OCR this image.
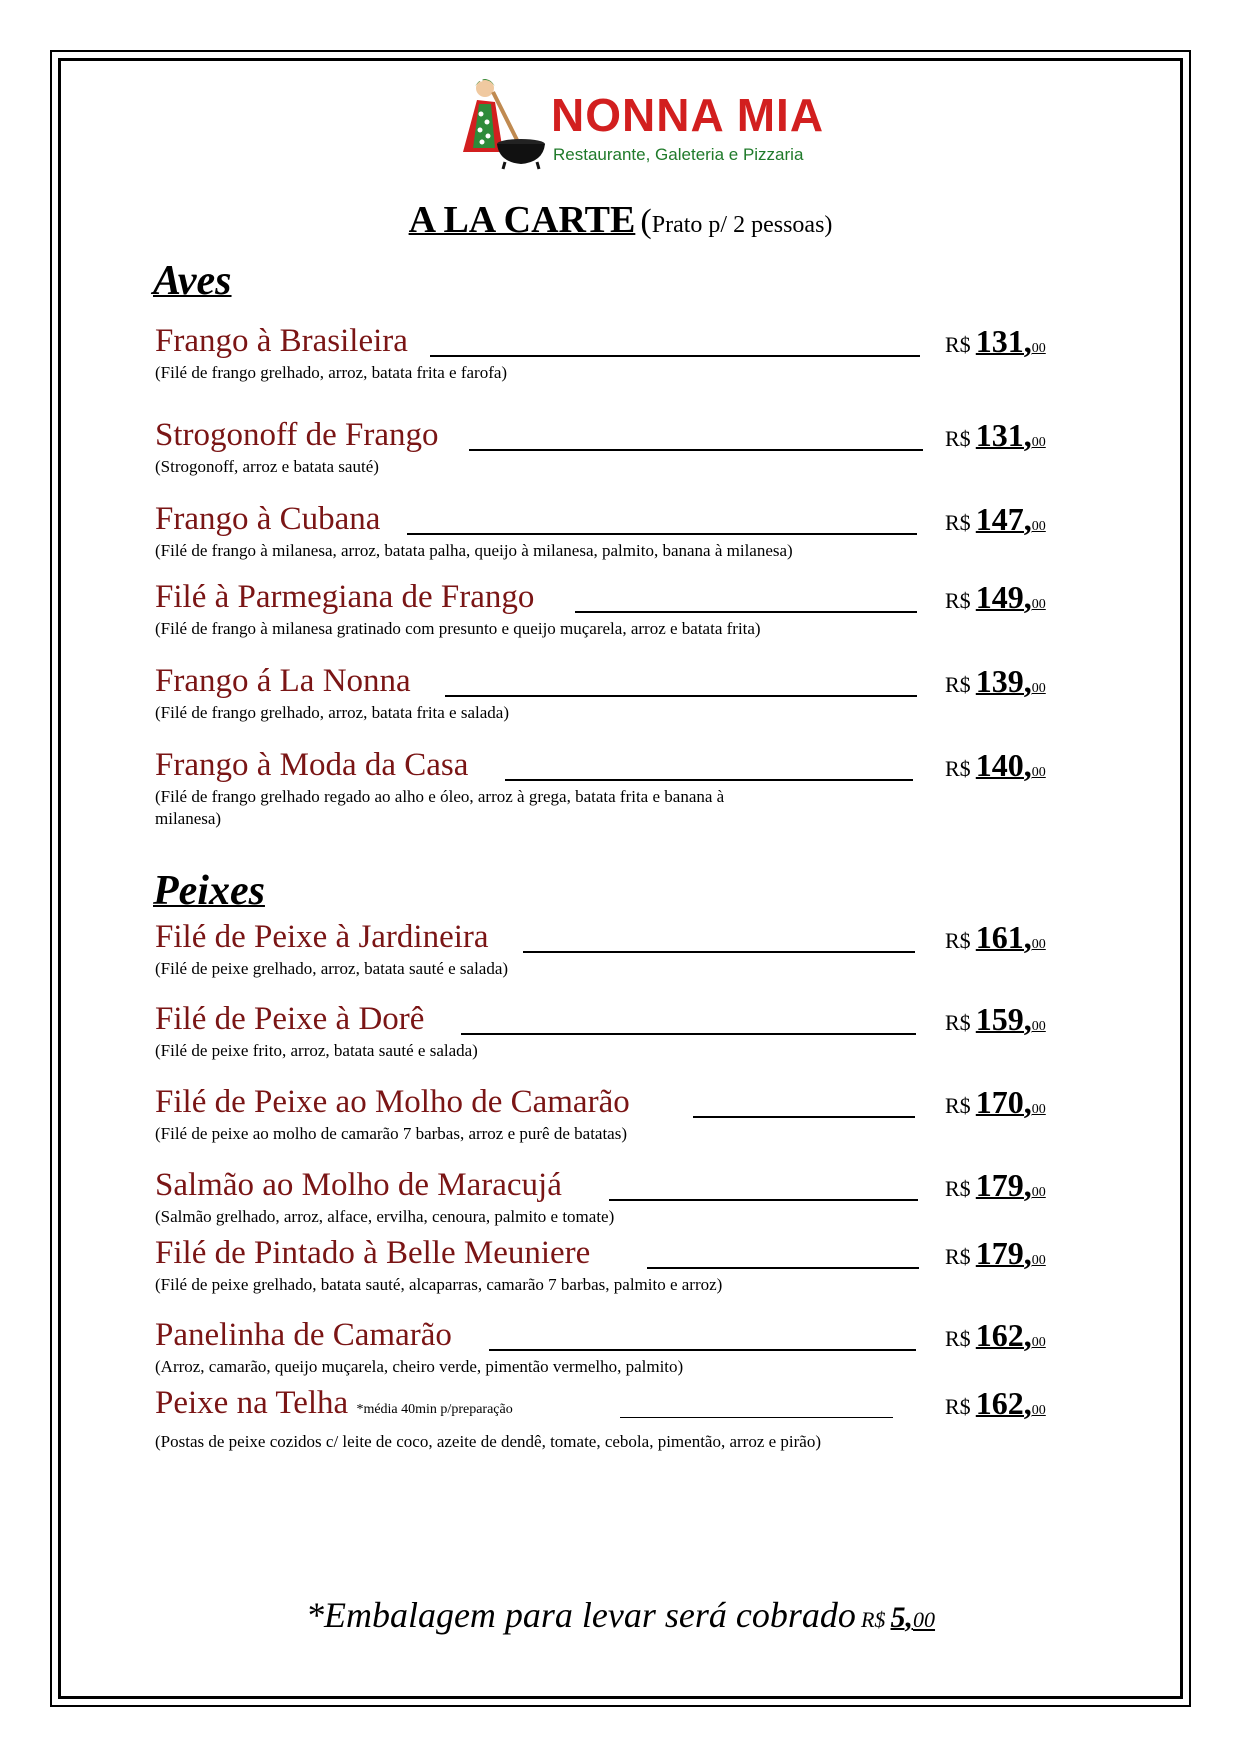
NONNA MIA
Restaurante, Galeteria e Pizzaria
A LA CARTE (Prato p/ 2 pessoas)
Aves
Frango à Brasileira	R$ 131,00
(Filé de frango grelhado, arroz, batata frita e farofa)
Strogonoff de Frango	R$ 131,00
(Strogonoff, arroz e batata sauté)
Frango à Cubana	R$ 147,00
(Filé de frango à milanesa, arroz, batata palha, queijo à milanesa, palmito, banana à milanesa)
Filé à Parmegiana de Frango	R$ 149,00
(Filé de frango à milanesa gratinado com presunto e queijo muçarela, arroz e batata frita)
Frango á La Nonna	R$ 139,00
(Filé de frango grelhado, arroz, batata frita e salada)
Frango à Moda da Casa	R$ 140,00
(Filé de frango grelhado regado ao alho e óleo, arroz à grega, batata frita e banana à milanesa)
Peixes
Filé de Peixe à Jardineira	R$ 161,00
(Filé de peixe grelhado, arroz, batata sauté e salada)
Filé de Peixe à Dorê	R$ 159,00
(Filé de peixe frito, arroz, batata sauté e salada)
Filé de Peixe ao Molho de Camarão	R$ 170,00
(Filé de peixe ao molho de camarão 7 barbas, arroz e purê de batatas)
Salmão ao Molho de Maracujá	R$ 179,00
(Salmão grelhado, arroz, alface, ervilha, cenoura, palmito e tomate)
Filé de Pintado à Belle Meuniere	R$ 179,00
(Filé de peixe grelhado, batata sauté, alcaparras, camarão 7 barbas, palmito e arroz)
Panelinha de Camarão	R$ 162,00
(Arroz, camarão, queijo muçarela, cheiro verde, pimentão vermelho, palmito)
Peixe na Telha *média 40min p/preparação	R$ 162,00
(Postas de peixe cozidos c/ leite de coco, azeite de dendê, tomate, cebola, pimentão, arroz e pirão)
*Embalagem para levar será cobrado R$ 5,00
